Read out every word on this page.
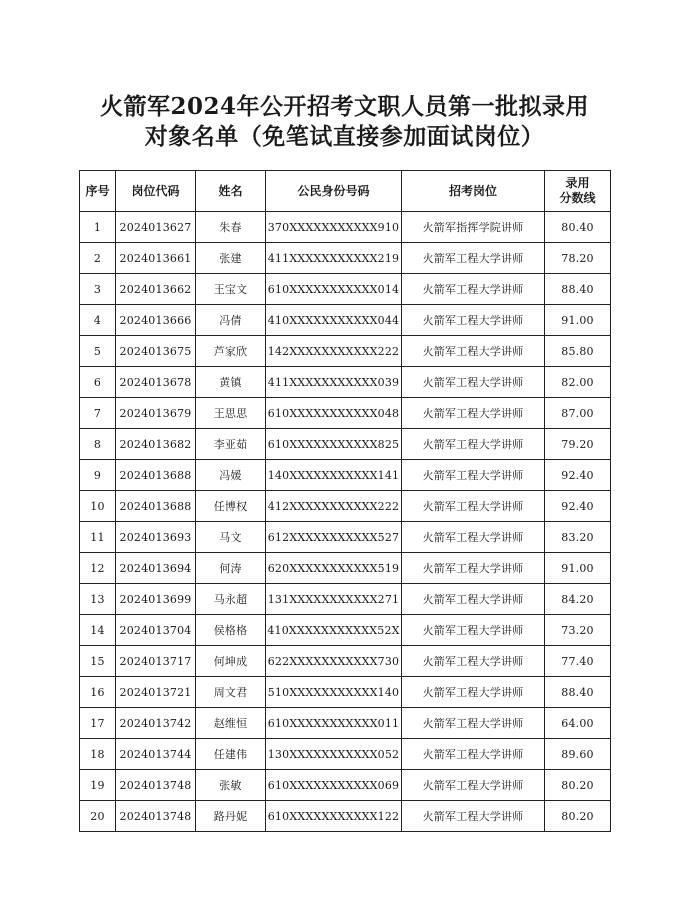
火箭军2024年公开招考文职人员第一批拟录用
对象名单（免笔试直接参加面试岗位）
序号	岗位代码	姓名	公民身份号码	招考岗位	录用
分数线

1	2024013627	朱春	370XXXXXXXXXXX910	火箭军指挥学院讲师	80.40
2	2024013661	张建	411XXXXXXXXXXX219	火箭军工程大学讲师	78.20
3	2024013662	王宝文	610XXXXXXXXXXX014	火箭军工程大学讲师	88.40
4	2024013666	冯倩	410XXXXXXXXXXX044	火箭军工程大学讲师	91.00
5	2024013675	芦家欣	142XXXXXXXXXXX222	火箭军工程大学讲师	85.80
6	2024013678	黄镇	411XXXXXXXXXXX039	火箭军工程大学讲师	82.00
7	2024013679	王思思	610XXXXXXXXXXX048	火箭军工程大学讲师	87.00
8	2024013682	李亚茹	610XXXXXXXXXXX825	火箭军工程大学讲师	79.20
9	2024013688	冯媛	140XXXXXXXXXXX141	火箭军工程大学讲师	92.40
10	2024013688	任博权	412XXXXXXXXXXX222	火箭军工程大学讲师	92.40
11	2024013693	马文	612XXXXXXXXXXX527	火箭军工程大学讲师	83.20
12	2024013694	何涛	620XXXXXXXXXXX519	火箭军工程大学讲师	91.00
13	2024013699	马永超	131XXXXXXXXXXX271	火箭军工程大学讲师	84.20
14	2024013704	侯格格	410XXXXXXXXXXX52X	火箭军工程大学讲师	73.20
15	2024013717	何坤成	622XXXXXXXXXXX730	火箭军工程大学讲师	77.40
16	2024013721	周文君	510XXXXXXXXXXX140	火箭军工程大学讲师	88.40
17	2024013742	赵维恒	610XXXXXXXXXXX011	火箭军工程大学讲师	64.00
18	2024013744	任建伟	130XXXXXXXXXXX052	火箭军工程大学讲师	89.60
19	2024013748	张敏	610XXXXXXXXXXX069	火箭军工程大学讲师	80.20
20	2024013748	路丹妮	610XXXXXXXXXXX122	火箭军工程大学讲师	80.20
